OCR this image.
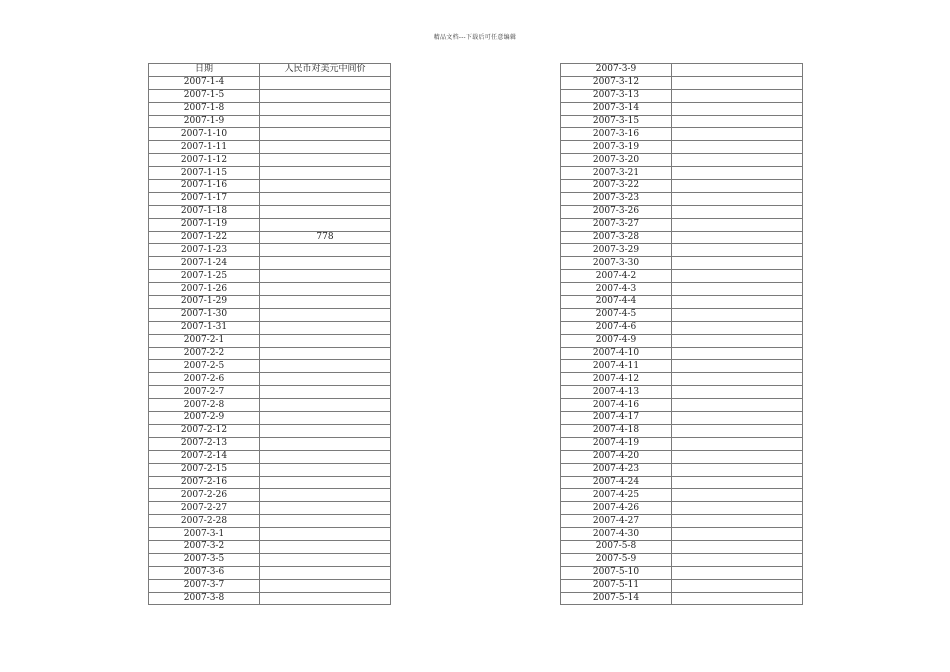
精品文档---下载后可任意编辑
日期	人民币对美元中间价
2007-1-4	
2007-1-5	
2007-1-8	
2007-1-9	
2007-1-10	
2007-1-11	
2007-1-12	
2007-1-15	
2007-1-16	
2007-1-17	
2007-1-18	
2007-1-19	
2007-1-22	778
2007-1-23	
2007-1-24	
2007-1-25	
2007-1-26	
2007-1-29	
2007-1-30	
2007-1-31	
2007-2-1	
2007-2-2	
2007-2-5	
2007-2-6	
2007-2-7	
2007-2-8	
2007-2-9	
2007-2-12	
2007-2-13	
2007-2-14	
2007-2-15	
2007-2-16	
2007-2-26	
2007-2-27	
2007-2-28	
2007-3-1	
2007-3-2	
2007-3-5	
2007-3-6	
2007-3-7	
2007-3-8	
2007-3-9	
2007-3-12	
2007-3-13	
2007-3-14	
2007-3-15	
2007-3-16	
2007-3-19	
2007-3-20	
2007-3-21	
2007-3-22	
2007-3-23	
2007-3-26	
2007-3-27	
2007-3-28	
2007-3-29	
2007-3-30	
2007-4-2	
2007-4-3	
2007-4-4	
2007-4-5	
2007-4-6	
2007-4-9	
2007-4-10	
2007-4-11	
2007-4-12	
2007-4-13	
2007-4-16	
2007-4-17	
2007-4-18	
2007-4-19	
2007-4-20	
2007-4-23	
2007-4-24	
2007-4-25	
2007-4-26	
2007-4-27	
2007-4-30	
2007-5-8	
2007-5-9	
2007-5-10	
2007-5-11	
2007-5-14	
